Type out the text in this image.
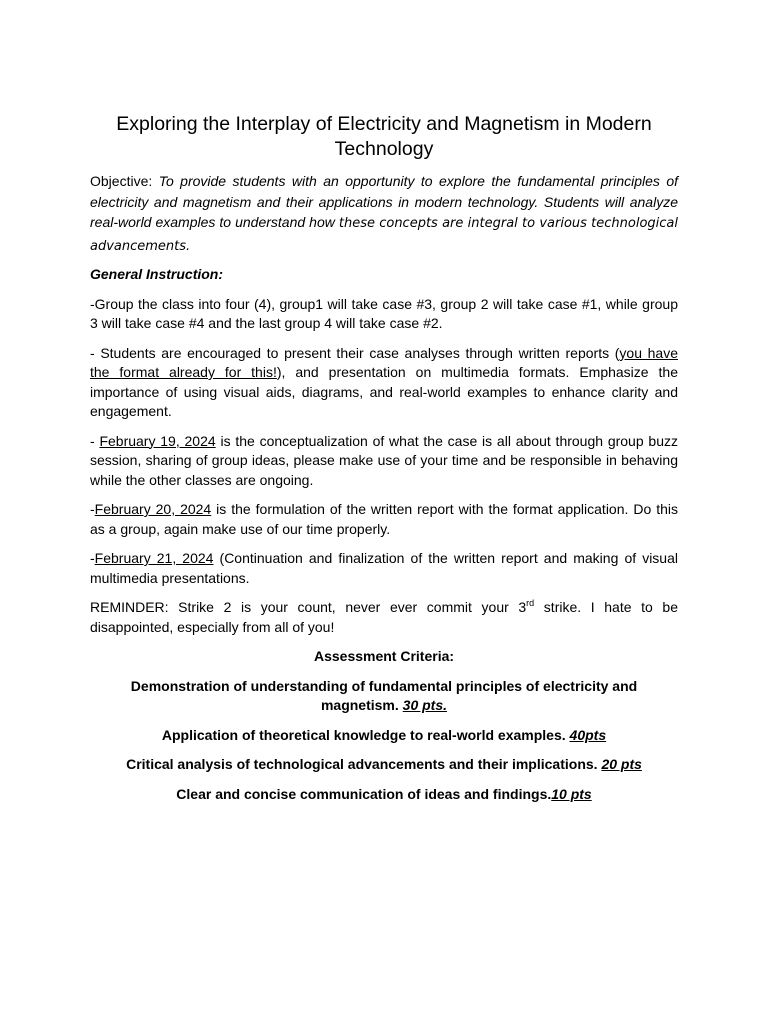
Exploring the Interplay of Electricity and Magnetism in Modern Technology

Objective: To provide students with an opportunity to explore the fundamental principles of electricity and magnetism and their applications in modern technology. Students will analyze real-world examples to understand how these concepts are integral to various technological advancements.

General Instruction:

-Group the class into four (4), group1 will take case #3, group 2 will take case #1, while group 3 will take case #4 and the last group 4 will take case #2.

- Students are encouraged to present their case analyses through written reports (you have the format already for this!), and presentation on multimedia formats. Emphasize the importance of using visual aids, diagrams, and real-world examples to enhance clarity and engagement.

- February 19, 2024 is the conceptualization of what the case is all about through group buzz session, sharing of group ideas, please make use of your time and be responsible in behaving while the other classes are ongoing.

-February 20, 2024 is the formulation of the written report with the format application. Do this as a group, again make use of our time properly.

-February 21, 2024 (Continuation and finalization of the written report and making of visual multimedia presentations.

REMINDER: Strike 2 is your count, never ever commit your 3rd strike. I hate to be disappointed, especially from all of you!

Assessment Criteria:

Demonstration of understanding of fundamental principles of electricity and magnetism. 30 pts.

Application of theoretical knowledge to real-world examples. 40pts

Critical analysis of technological advancements and their implications. 20 pts

Clear and concise communication of ideas and findings.10 pts
